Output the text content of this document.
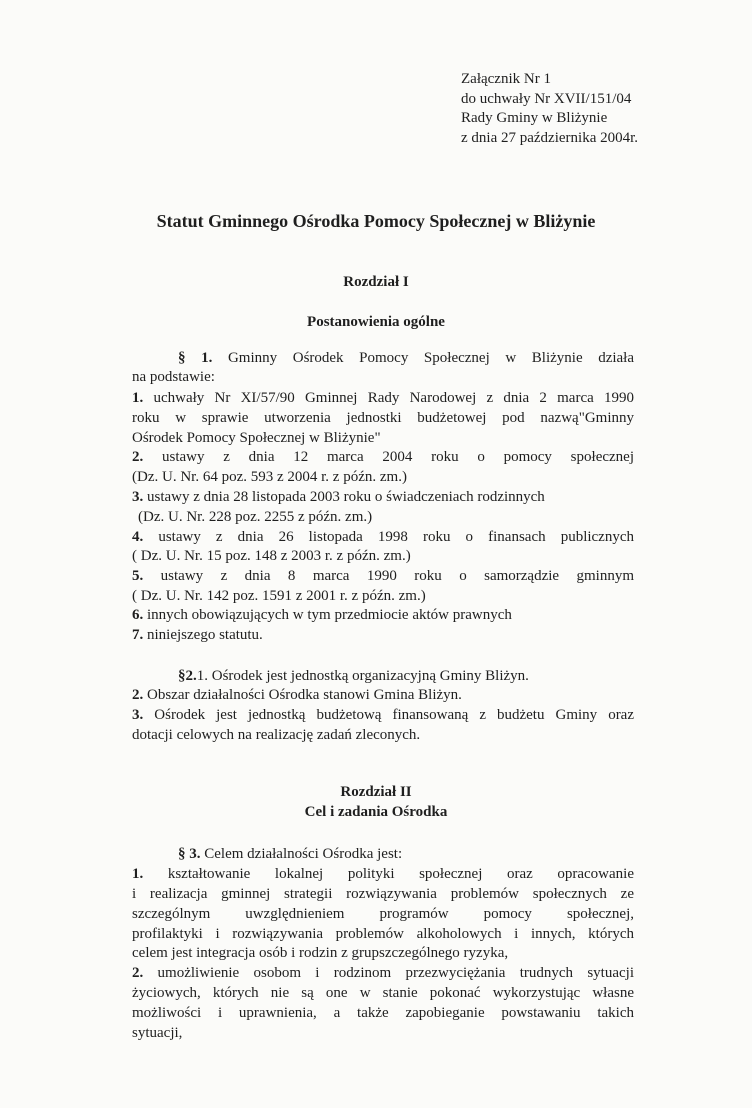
Załącznik Nr 1
do uchwały Nr XVII/151/04
Rady Gminy w Bliżynie
z dnia 27 października 2004r.
Statut Gminnego Ośrodka Pomocy Społecznej w Bliżynie
Rozdział I
Postanowienia ogólne
§ 1. Gminny Ośrodek Pomocy Społecznej w Bliżynie działa
na podstawie:
1. uchwały Nr XI/57/90 Gminnej Rady Narodowej z dnia 2 marca 1990
roku w sprawie utworzenia jednostki budżetowej pod nazwą"Gminny
Ośrodek Pomocy Społecznej w Bliżynie"
2. ustawy z dnia 12 marca 2004 roku o pomocy społecznej
(Dz. U. Nr. 64 poz. 593 z 2004 r. z późn. zm.)
3. ustawy z dnia 28 listopada 2003 roku o świadczeniach rodzinnych
(Dz. U. Nr. 228 poz. 2255 z późn. zm.)
4. ustawy z dnia 26 listopada 1998 roku o finansach publicznych
( Dz. U. Nr. 15 poz. 148 z 2003 r. z późn. zm.)
5. ustawy z dnia 8 marca 1990 roku o samorządzie gminnym
( Dz. U. Nr. 142 poz. 1591 z 2001 r. z późn. zm.)
6. innych obowiązujących w tym przedmiocie aktów prawnych
7. niniejszego statutu.
§2.1. Ośrodek jest jednostką organizacyjną Gminy Bliżyn.
2. Obszar działalności Ośrodka stanowi Gmina Bliżyn.
3. Ośrodek jest jednostką budżetową finansowaną z budżetu Gminy oraz
dotacji celowych na realizację zadań zleconych.
Rozdział II
Cel i zadania Ośrodka
§ 3. Celem działalności Ośrodka jest:
1. kształtowanie lokalnej polityki społecznej oraz opracowanie
i realizacja gminnej strategii rozwiązywania problemów społecznych ze
szczególnym uwzględnieniem programów pomocy społecznej,
profilaktyki i rozwiązywania problemów alkoholowych i innych, których
celem jest integracja osób i rodzin z grupszczególnego ryzyka,
2. umożliwienie osobom i rodzinom przezwyciężania trudnych sytuacji
życiowych, których nie są one w stanie pokonać wykorzystując własne
możliwości i uprawnienia, a także zapobieganie powstawaniu takich
sytuacji,
